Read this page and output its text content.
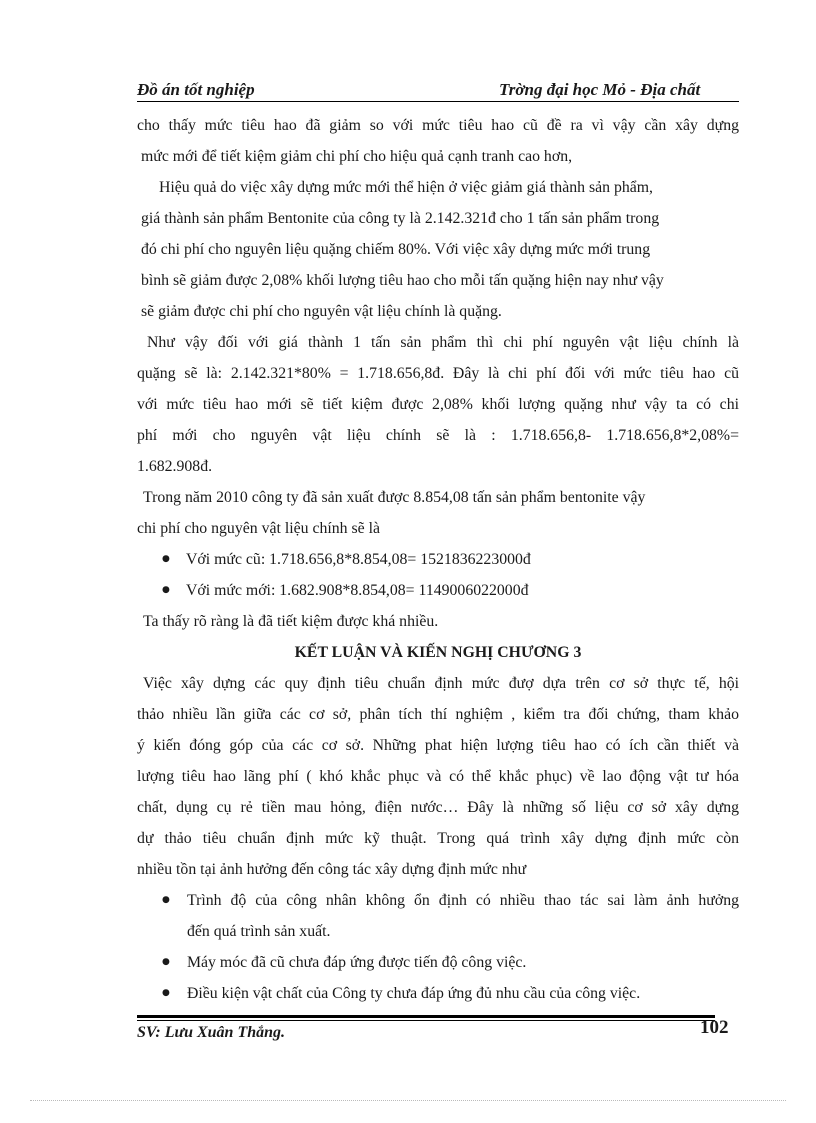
Đồ án tốt nghiệp	Trờng đại học Mỏ - Địa chất

cho thấy mức tiêu hao đã giảm so với mức tiêu hao cũ đề ra vì vậy cần xây dựng

mức mới để tiết kiệm giảm chi phí cho hiệu quả cạnh tranh cao hơn,

Hiệu quả do việc xây dựng mức mới thể hiện ở việc giảm giá thành sản phẩm,

giá thành sản phẩm Bentonite của công ty là 2.142.321đ cho 1 tấn sản phẩm trong

đó chi phí cho nguyên liệu quặng chiếm 80%. Với việc xây dựng mức mới trung

bình sẽ giảm được 2,08% khối lượng tiêu hao cho mỗi tấn quặng hiện nay như vậy

sẽ giảm được chi phí cho nguyên vật liệu chính là quặng.

Như vậy đối với giá thành 1 tấn sản phẩm thì chi phí nguyên vật liệu chính là

quặng sẽ là: 2.142.321*80% = 1.718.656,8đ. Đây là chi phí đối với mức tiêu hao cũ

với mức tiêu hao mới sẽ tiết kiệm được 2,08% khối lượng quặng như vậy ta có chi

phí mới cho nguyên vật liệu chính sẽ là : 1.718.656,8- 1.718.656,8*2,08%=

1.682.908đ.

Trong năm 2010 công ty đã sản xuất được 8.854,08 tấn sản phẩm bentonite vậy

chi phí cho nguyên vật liệu chính sẽ là

● Với mức cũ: 1.718.656,8*8.854,08= 1521836223000đ
● Với mức mới: 1.682.908*8.854,08= 1149006022000đ

Ta thấy rõ ràng là đã tiết kiệm được khá nhiều.

KẾT LUẬN VÀ KIẾN NGHỊ CHƯƠNG 3

Việc xây dựng các quy định tiêu chuẩn định mức đượ dựa trên cơ sở thực tế, hội

thảo nhiều lần giữa các cơ sở, phân tích thí nghiệm , kiểm tra đối chứng, tham khảo

ý kiến đóng góp của các cơ sở. Những phat hiện lượng tiêu hao có ích cần thiết và

lượng tiêu hao lãng phí ( khó khắc phục và có thể khắc phục) về lao động vật tư hóa

chất, dụng cụ rẻ tiền mau hỏng, điện nước… Đây là những số liệu cơ sở xây dựng

dự thảo tiêu chuẩn định mức kỹ thuật. Trong quá trình xây dựng định mức còn

nhiều tồn tại ảnh hưởng đến công tác xây dựng định mức như

● Trình độ của công nhân không ổn định có nhiều thao tác sai làm ảnh hưởng
đến quá trình sản xuất.
● Máy móc đã cũ chưa đáp ứng được tiến độ công việc.
● Điều kiện vật chất của Công ty chưa đáp ứng đủ nhu cầu của công việc.
SV: Lưu Xuân Thắng.	102
